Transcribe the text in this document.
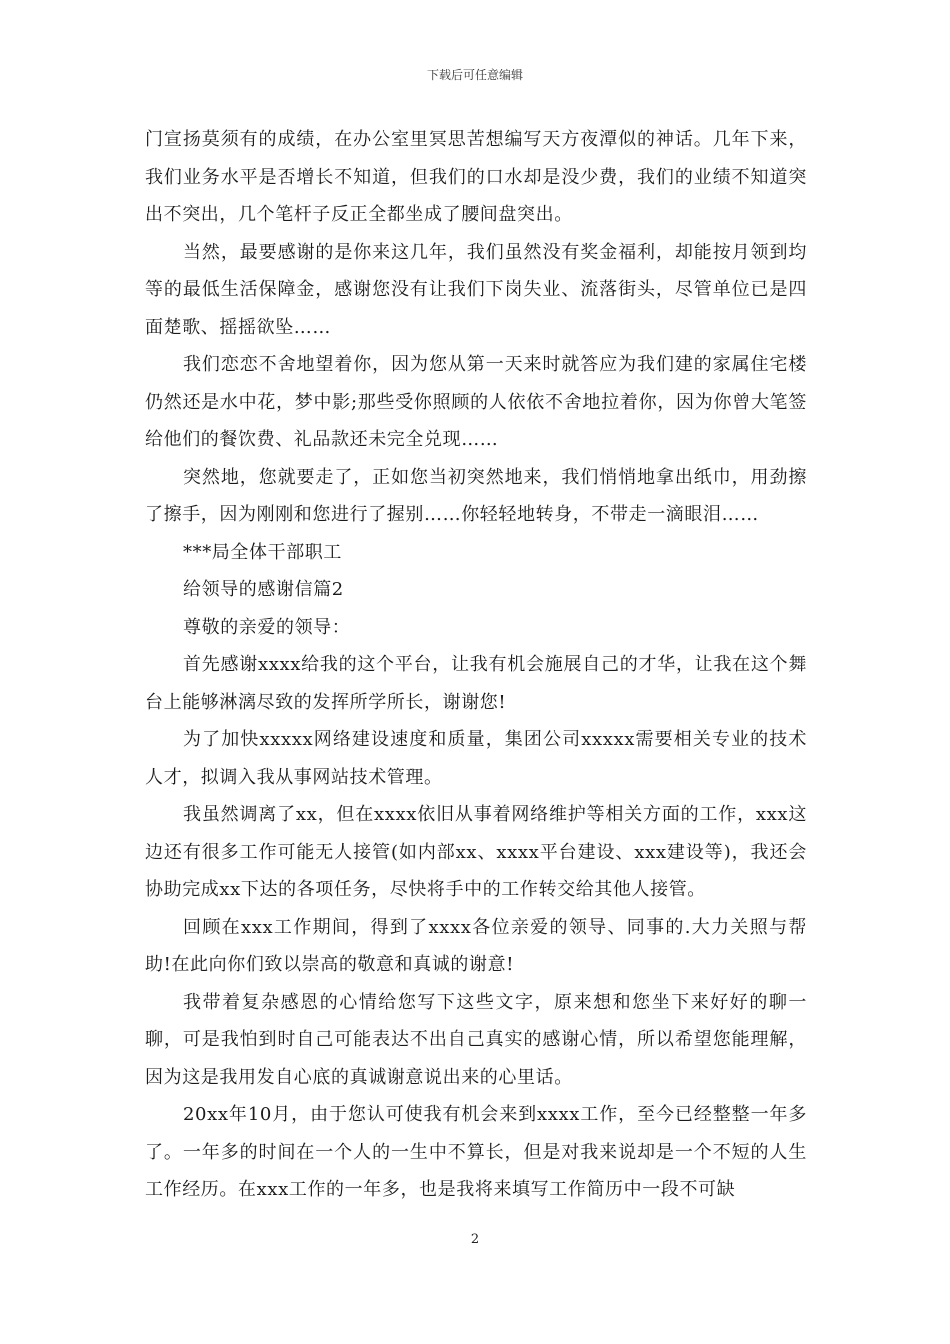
下载后可任意编辑

门宣扬莫须有的成绩，在办公室里冥思苦想编写天方夜潭似的神话。几年下来，我们业务水平是否增长不知道，但我们的口水却是没少费，我们的业绩不知道突出不突出，几个笔杆子反正全都坐成了腰间盘突出。

当然，最要感谢的是你来这几年，我们虽然没有奖金福利，却能按月领到均等的最低生活保障金，感谢您没有让我们下岗失业、流落街头，尽管单位已是四面楚歌、摇摇欲坠……

我们恋恋不舍地望着你，因为您从第一天来时就答应为我们建的家属住宅楼仍然还是水中花，梦中影;那些受你照顾的人依依不舍地拉着你，因为你曾大笔签给他们的餐饮费、礼品款还未完全兑现……

突然地，您就要走了，正如您当初突然地来，我们悄悄地拿出纸巾，用劲擦了擦手，因为刚刚和您进行了握别……你轻轻地转身，不带走一滴眼泪……

***局全体干部职工

给领导的感谢信篇2

尊敬的亲爱的领导：

首先感谢xxxx给我的这个平台，让我有机会施展自己的才华，让我在这个舞台上能够淋漓尽致的发挥所学所长，谢谢您!

为了加快xxxxx网络建设速度和质量，集团公司xxxxx需要相关专业的技术人才，拟调入我从事网站技术管理。

我虽然调离了xx，但在xxxx依旧从事着网络维护等相关方面的工作，xxx这边还有很多工作可能无人接管(如内部xx、xxxx平台建设、xxx建设等)，我还会协助完成xx下达的各项任务，尽快将手中的工作转交给其他人接管。

回顾在xxx工作期间，得到了xxxx各位亲爱的领导、同事的.大力关照与帮助!在此向你们致以崇高的敬意和真诚的谢意!

我带着复杂感恩的心情给您写下这些文字，原来想和您坐下来好好的聊一聊，可是我怕到时自己可能表达不出自己真实的感谢心情，所以希望您能理解，因为这是我用发自心底的真诚谢意说出来的心里话。

20xx年10月，由于您认可使我有机会来到xxxx工作，至今已经整整一年多了。一年多的时间在一个人的一生中不算长，但是对我来说却是一个不短的人生工作经历。在xxx工作的一年多，也是我将来填写工作简历中一段不可缺

2
